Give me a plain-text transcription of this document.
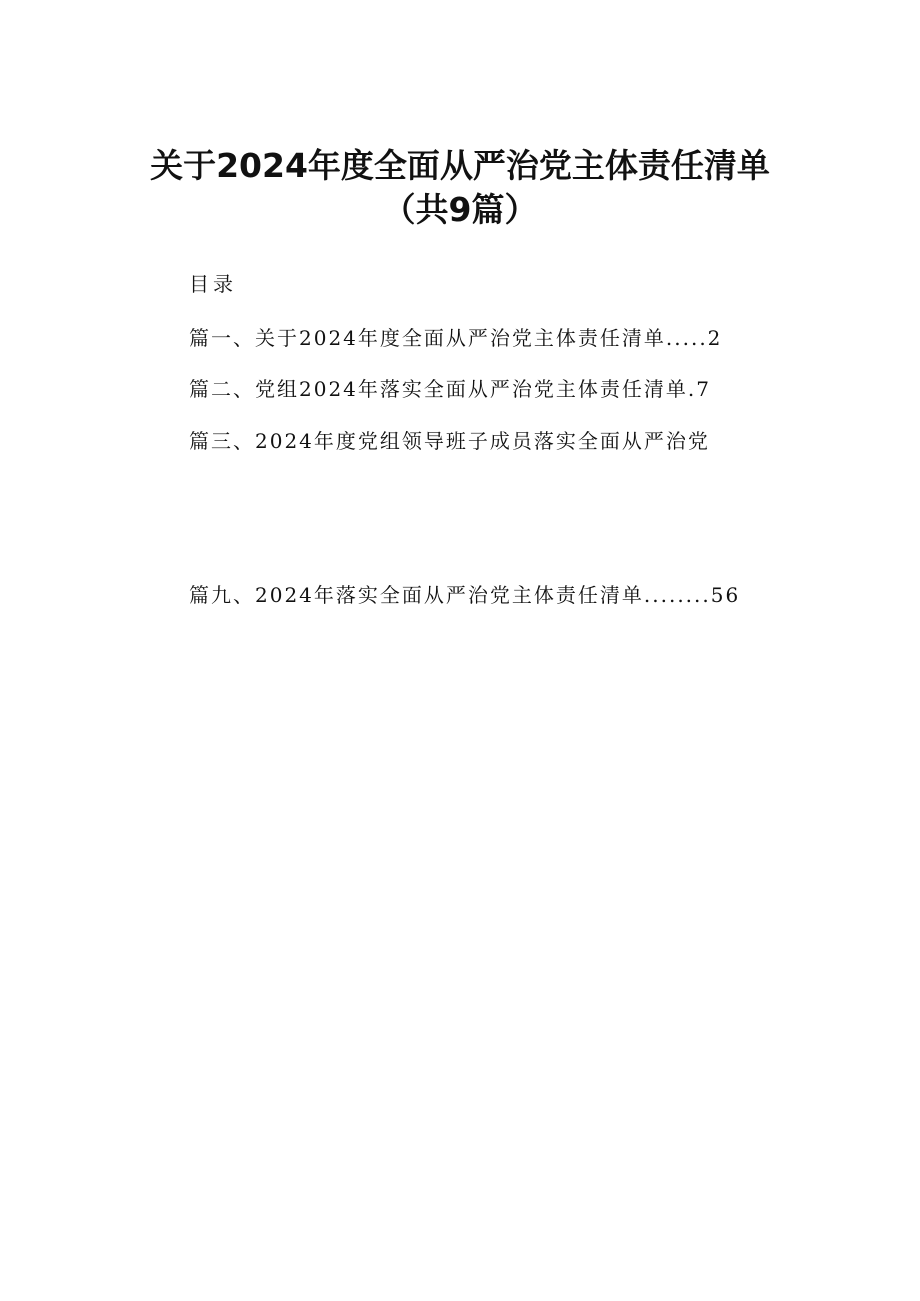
关于2024年度全面从严治党主体责任清单
（共9篇）
目录
篇一、关于2024年度全面从严治党主体责任清单.....2
篇二、党组2024年落实全面从严治党主体责任清单.7
篇三、2024年度党组领导班子成员落实全面从严治党
篇九、2024年落实全面从严治党主体责任清单........56
